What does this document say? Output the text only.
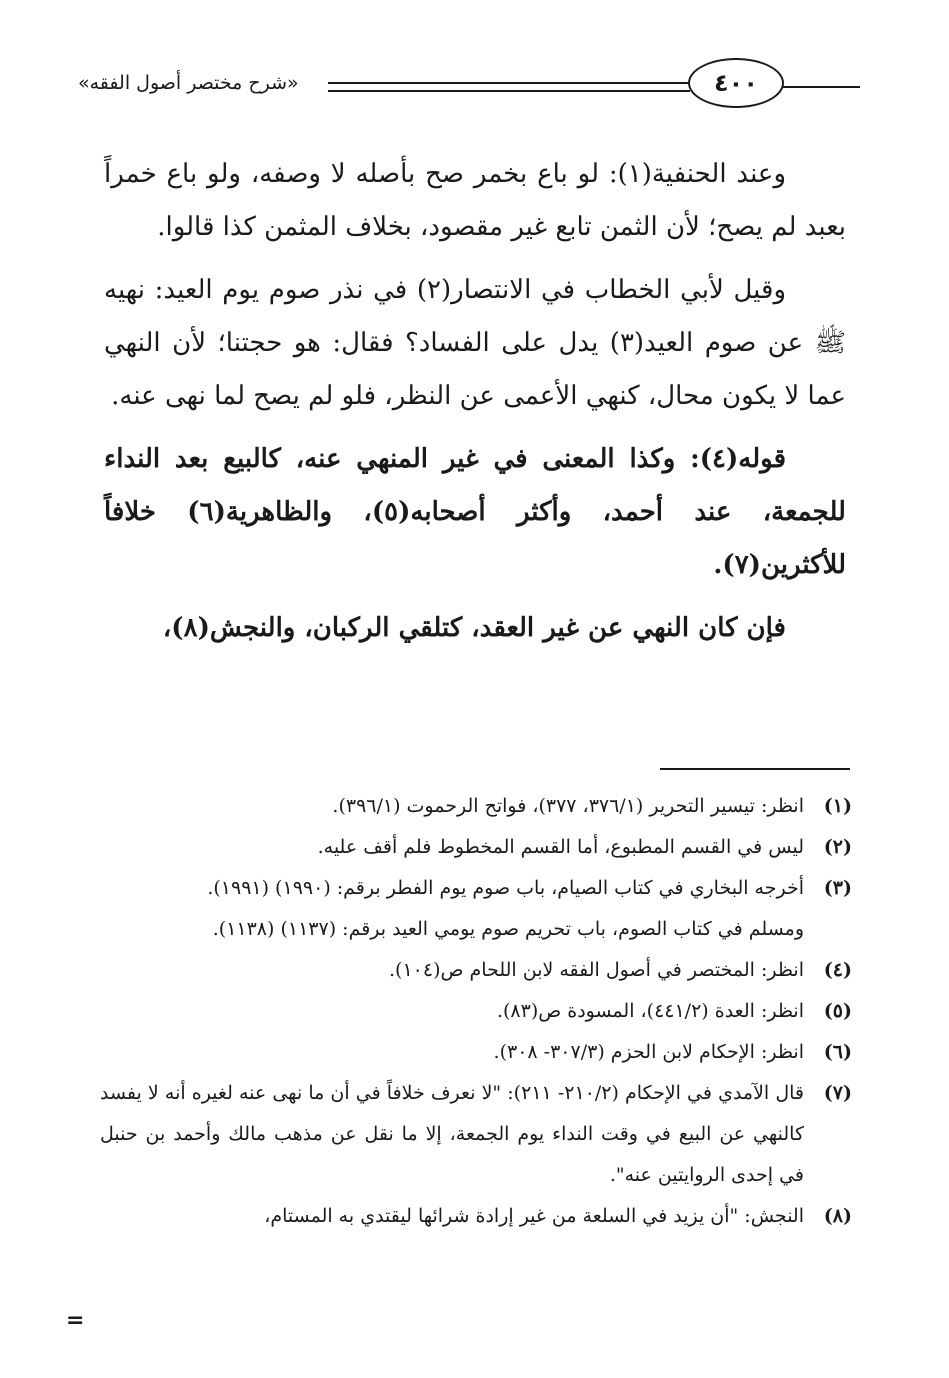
«شرح مختصر أصول الفقه»	٤٠٠

وعند الحنفية(١): لو باع بخمر صح بأصله لا وصفه، ولو باع خمراً بعبد لم يصح؛ لأن الثمن تابع غير مقصود، بخلاف المثمن كذا قالوا.

وقيل لأبي الخطاب في الانتصار(٢) في نذر صوم يوم العيد: نهيه ﷺ عن صوم العيد(٣) يدل على الفساد؟ فقال: هو حجتنا؛ لأن النهي عما لا يكون محال، كنهي الأعمى عن النظر، فلو لم يصح لما نهى عنه.

قوله(٤): وكذا المعنى في غير المنهي عنه، كالبيع بعد النداء للجمعة، عند أحمد، وأكثر أصحابه(٥)، والظاهرية(٦) خلافاً للأكثرين(٧).

فإن كان النهي عن غير العقد، كتلقي الركبان، والنجش(٨)،

(١)
انظر: تيسير التحرير (٣٧٦/١، ٣٧٧)، فواتح الرحموت (٣٩٦/١).

(٢)
ليس في القسم المطبوع، أما القسم المخطوط فلم أقف عليه.

(٣)
أخرجه البخاري في كتاب الصيام، باب صوم يوم الفطر برقم: (١٩٩٠) (١٩٩١).

ومسلم في كتاب الصوم، باب تحريم صوم يومي العيد برقم: (١١٣٧) (١١٣٨).

(٤)
انظر: المختصر في أصول الفقه لابن اللحام ص(١٠٤).

(٥)
انظر: العدة (٤٤١/٢)، المسودة ص(٨٣).

(٦)
انظر: الإحكام لابن الحزم (٣٠٧/٣- ٣٠٨).

(٧)
قال الآمدي في الإحكام (٢١٠/٢- ٢١١): "لا نعرف خلافاً في أن ما نهى عنه لغيره أنه لا يفسد كالنهي عن البيع في وقت النداء يوم الجمعة، إلا ما نقل عن مذهب مالك وأحمد بن حنبل في إحدى الروايتين عنه".

(٨)
النجش: "أن يزيد في السلعة من غير إرادة شرائها ليقتدي به المستام،

=
